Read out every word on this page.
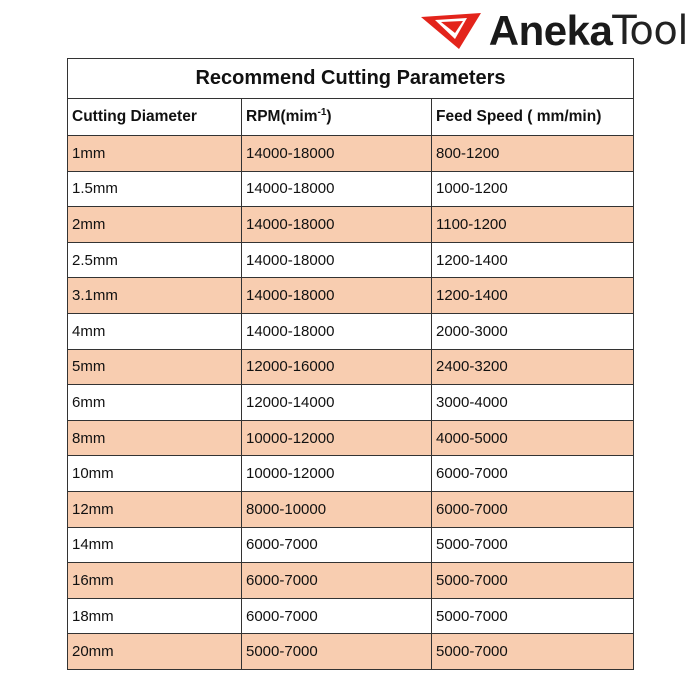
Aneka Tool
Recommend Cutting Parameters		
Cutting Diameter	RPM(mim$^{-1}$)	Feed Speed ( mm/min)
1mm	14000-18000	800-1200
1.5mm	14000-18000	1000-1200
2mm	14000-18000	1100-1200
2.5mm	14000-18000	1200-1400
3.1mm	14000-18000	1200-1400
4mm	14000-18000	2000-3000
5mm	12000-16000	2400-3200
6mm	12000-14000	3000-4000
8mm	10000-12000	4000-5000
10mm	10000-12000	6000-7000
12mm	8000-10000	6000-7000
14mm	6000-7000	5000-7000
16mm	6000-7000	5000-7000
18mm	6000-7000	5000-7000
20mm	5000-7000	5000-7000
